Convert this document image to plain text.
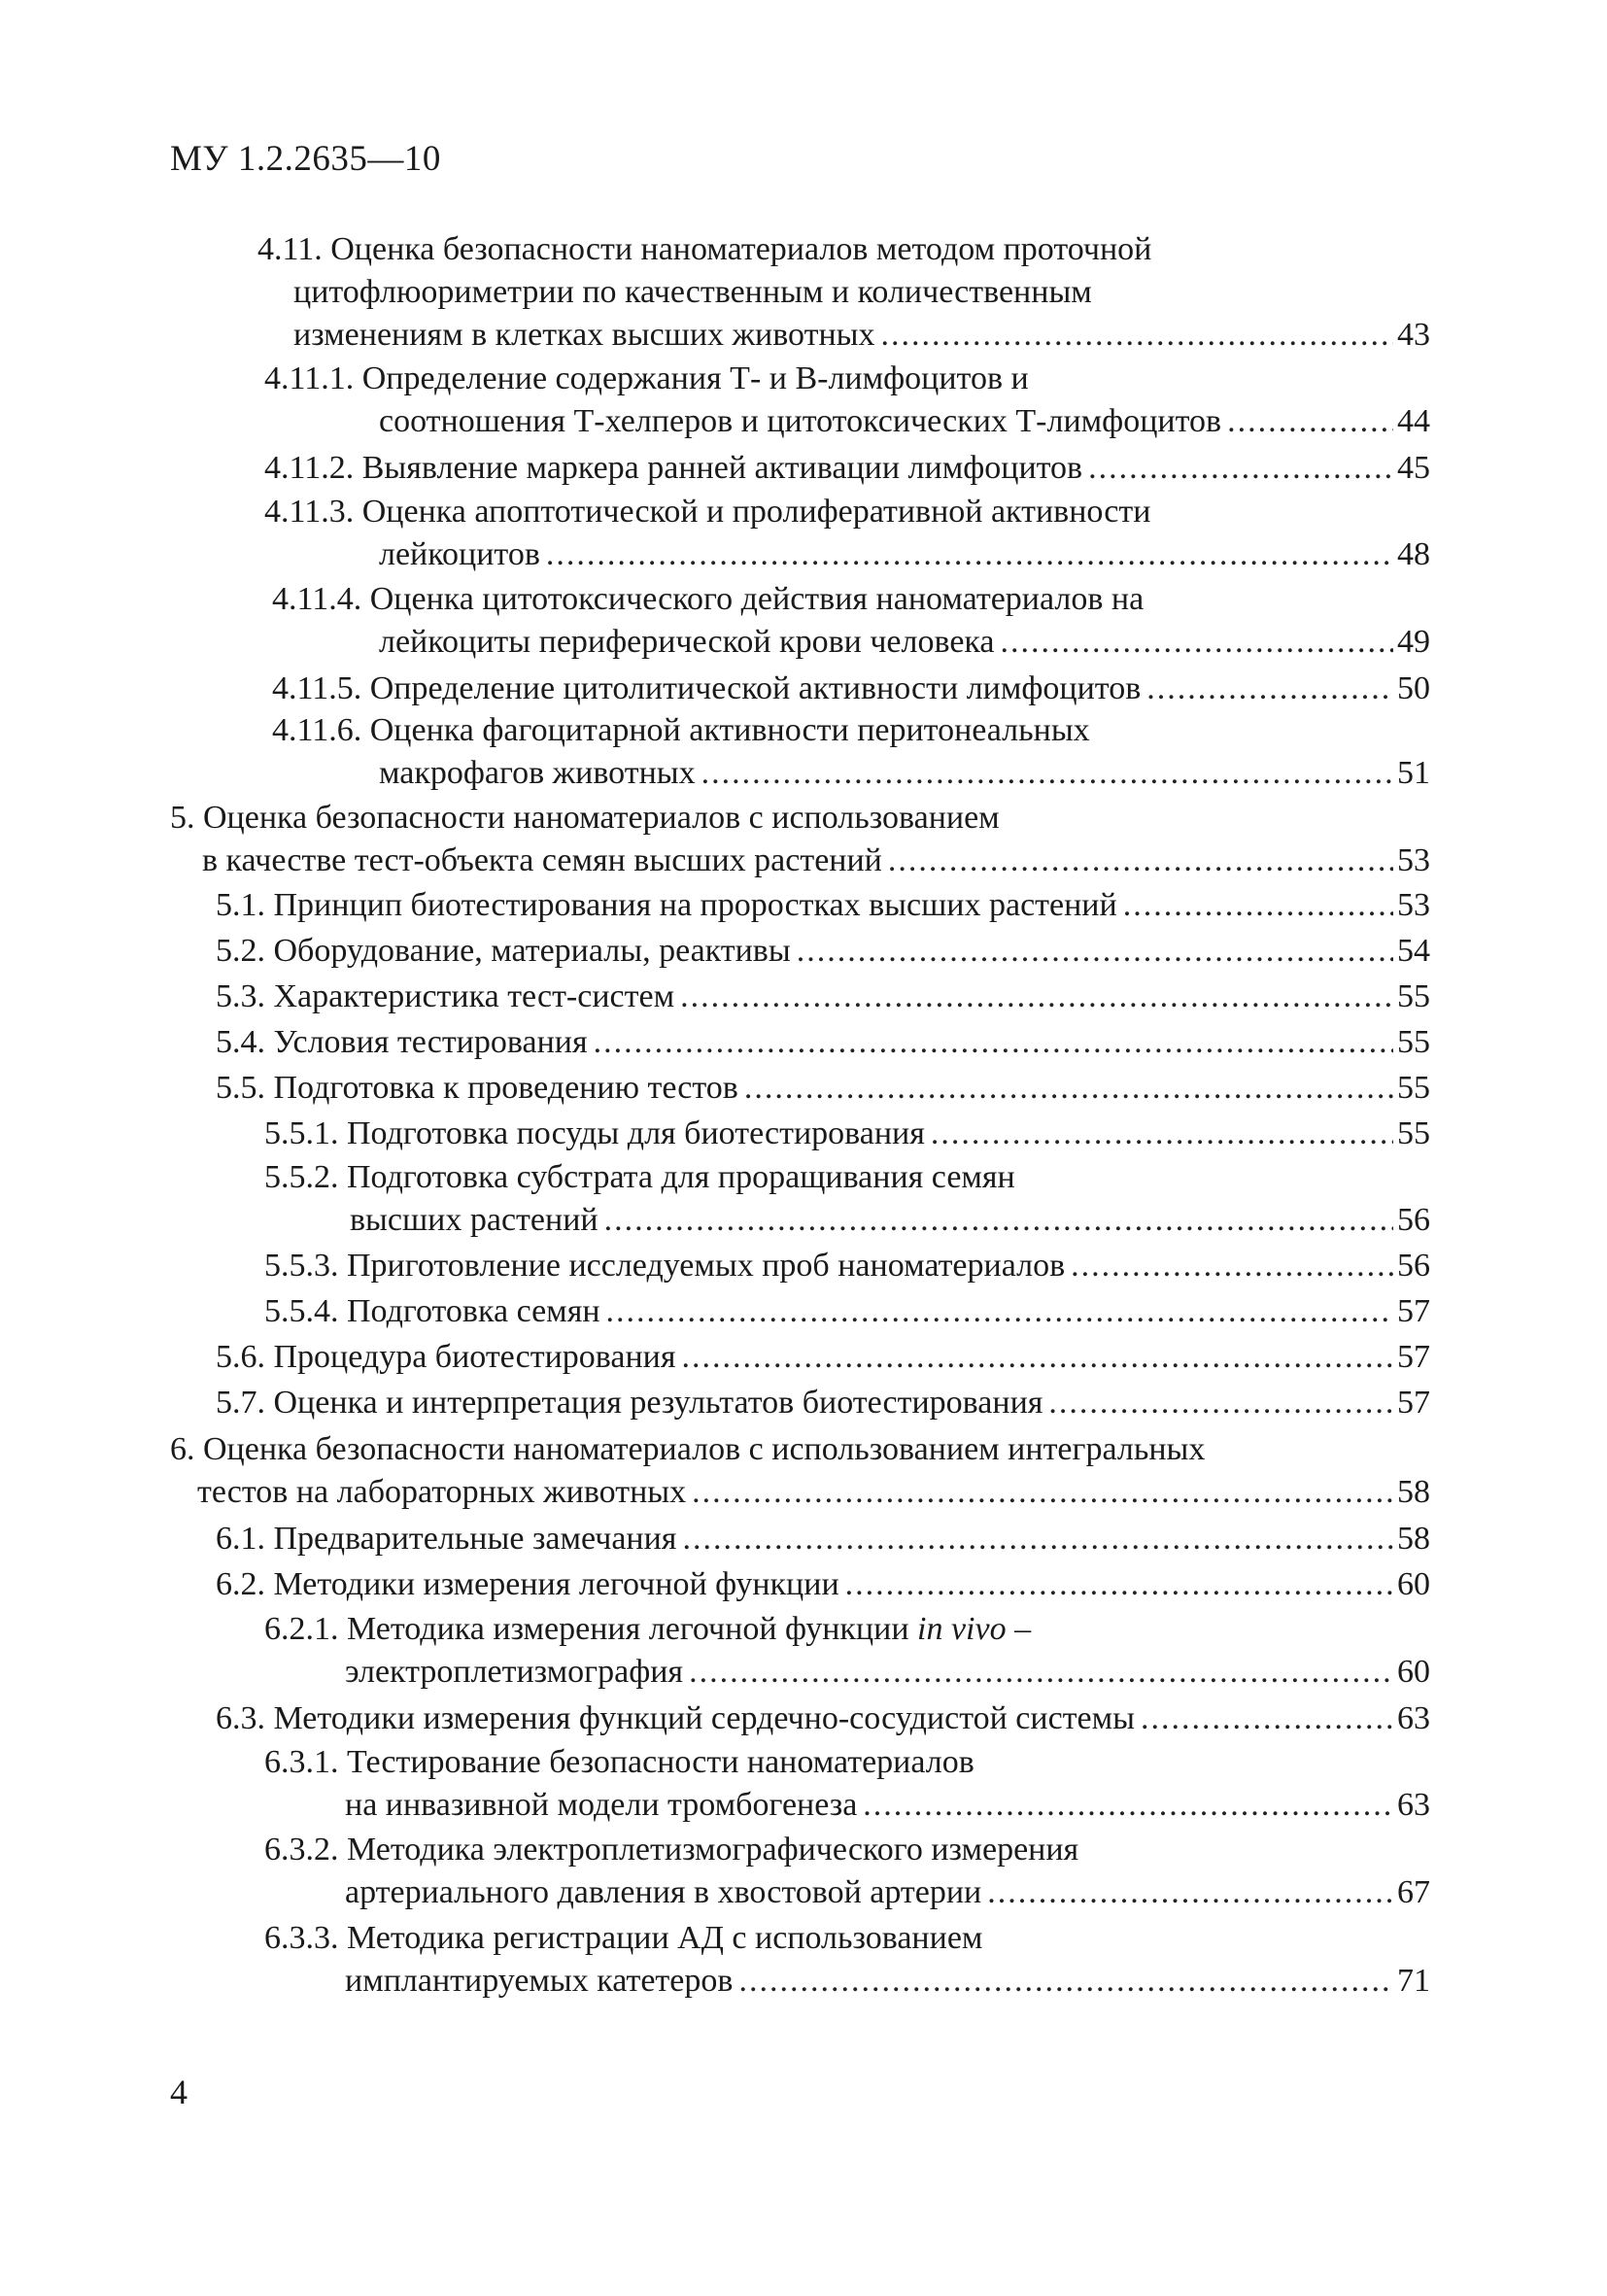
МУ 1.2.2635—10
4.11. Оценка безопасности наноматериалов методом проточной
цитофлюориметрии по качественным и количественным
изменениям в клетках высших животных .....	43
4.11.1. Определение содержания Т- и В-лимфоцитов и
соотношения Т-хелперов и цитотоксических Т-лимфоцитов .....	44
4.11.2. Выявление маркера ранней активации лимфоцитов .....	45
4.11.3. Оценка апоптотической и пролиферативной активности
лейкоцитов .....	48
4.11.4. Оценка цитотоксического действия наноматериалов на
лейкоциты периферической крови человека .....	49
4.11.5. Определение цитолитической активности лимфоцитов .....	50
4.11.6. Оценка фагоцитарной активности перитонеальных
макрофагов животных .....	51
5. Оценка безопасности наноматериалов с использованием
в качестве тест-объекта семян высших растений .....	53
5.1. Принцип биотестирования на проростках высших растений .....	53
5.2. Оборудование, материалы, реактивы .....	54
5.3. Характеристика тест-систем .....	55
5.4. Условия тестирования .....	55
5.5. Подготовка к проведению тестов .....	55
5.5.1. Подготовка посуды для биотестирования .....	55
5.5.2. Подготовка субстрата для проращивания семян
высших растений .....	56
5.5.3. Приготовление исследуемых проб наноматериалов .....	56
5.5.4. Подготовка семян .....	57
5.6. Процедура биотестирования .....	57
5.7. Оценка и интерпретация результатов биотестирования .....	57
6. Оценка безопасности наноматериалов с использованием интегральных
тестов на лабораторных животных .....	58
6.1. Предварительные замечания .....	58
6.2. Методики измерения легочной функции .....	60
6.2.1. Методика измерения легочной функции in vivo –
электроплетизмография .....	60
6.3. Методики измерения функций сердечно-сосудистой системы .....	63
6.3.1. Тестирование безопасности наноматериалов
на инвазивной модели тромбогенеза .....	63
6.3.2. Методика электроплетизмографического измерения
артериального давления в хвостовой артерии .....	67
6.3.3. Методика регистрации АД с использованием
имплантируемых катетеров .....	71
4
